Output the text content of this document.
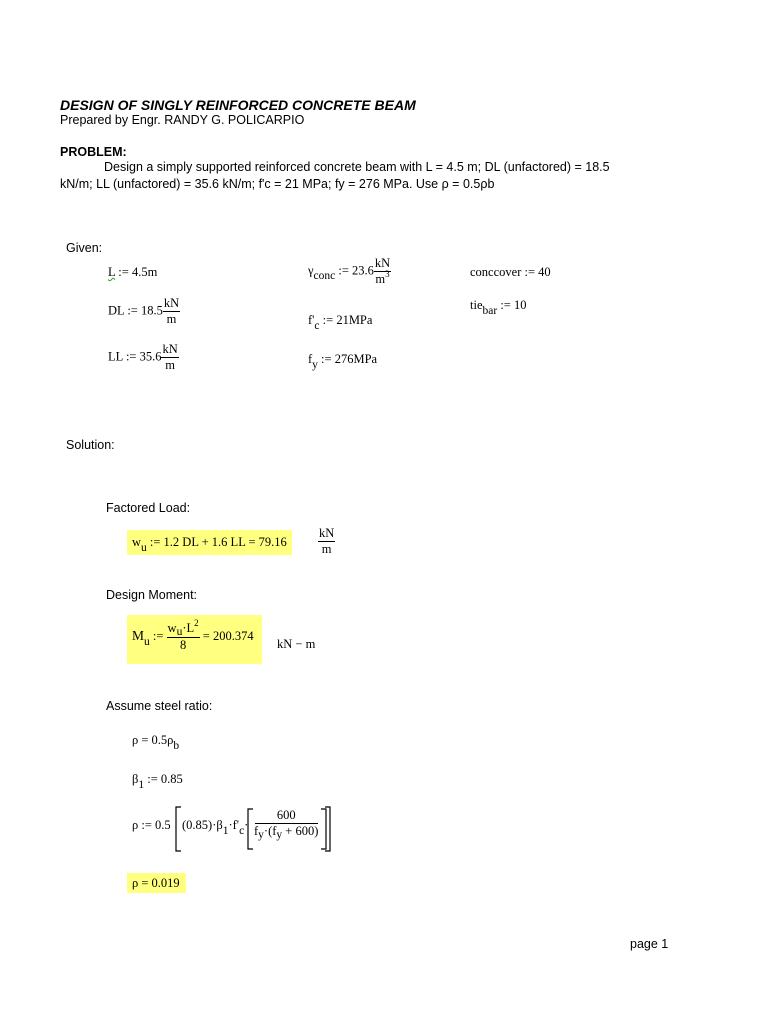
DESIGN OF SINGLY REINFORCED CONCRETE BEAM
Prepared by Engr. RANDY G. POLICARPIO
PROBLEM:
Design a simply supported reinforced concrete beam with L = 4.5 m; DL (unfactored) = 18.5
kN/m; LL (unfactored) = 35.6 kN/m; f'c = 21 MPa; fy = 276 MPa. Use ρ = 0.5ρb
Given:
L := 4.5m
DL := $18.5 \frac{kN}{m}$
LL := $35.6 \frac{kN}{m}$
γconc := $23.6 \frac{kN}{m^3}$
f'c := 21MPa
fy := 276MPa
conccover := 40
tiebar := 10
Solution:
Factored Load:
wu := 1.2 DL + 1.6 LL = $79.16 \frac{kN}{m}$
Design Moment:
Mu := $\frac{wu\cdot L^2}{8} = 200.374$
kN − m
Assume steel ratio:
ρ = 0.5ρb
β1 := 0.85
ρ := 0.5 $(0.85)\cdot\beta 1\cdot f'c\cdot \frac{600}{fy\cdot(fy + 600)}$
ρ = 0.019
page 1
